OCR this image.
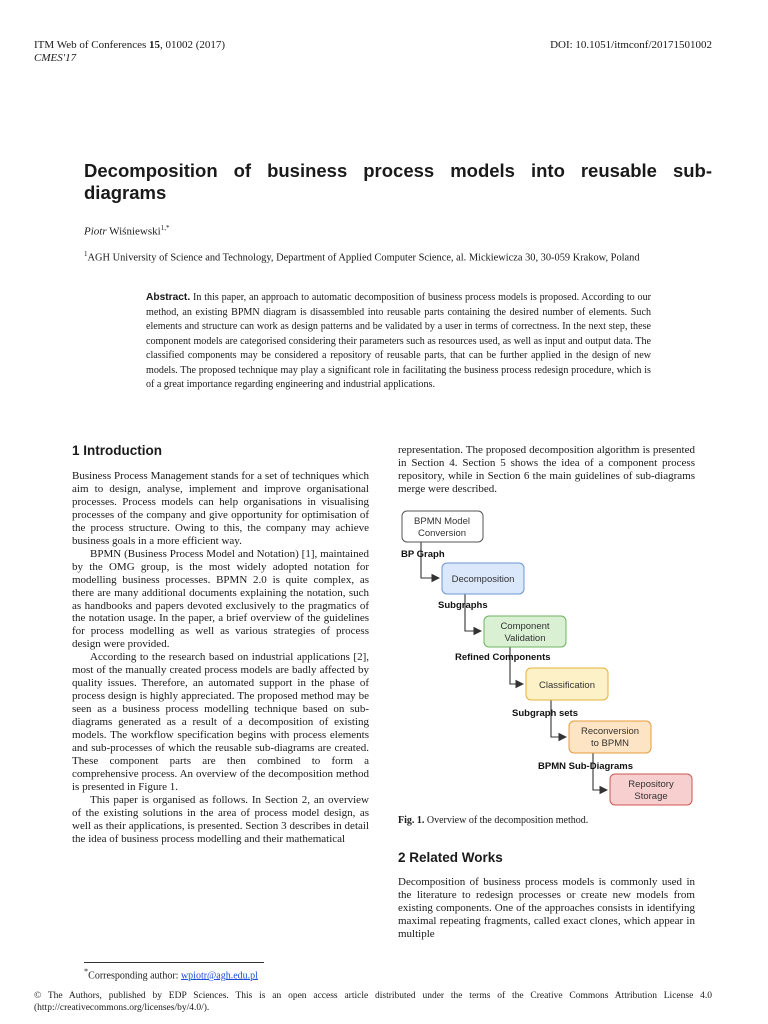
ITM Web of Conferences 15, 01002 (2017)
CMES'17
DOI: 10.1051/itmconf/20171501002
Decomposition of business process models into reusable sub-diagrams
Piotr Wiśniewski$^{1,*}$
$^1$AGH University of Science and Technology, Department of Applied Computer Science, al. Mickiewicza 30, 30-059 Krakow, Poland

Abstract. In this paper, an approach to automatic decomposition of business process models is proposed. According to our method, an existing BPMN diagram is disassembled into reusable parts containing the desired number of elements. Such elements and structure can work as design patterns and be validated by a user in terms of correctness. In the next step, these component models are categorised considering their parameters such as resources used, as well as input and output data. The classified components may be considered a repository of reusable parts, that can be further applied in the design of new models. The proposed technique may play a significant role in facilitating the business process redesign procedure, which is of a great importance regarding engineering and industrial applications.

1 Introduction

Business Process Management stands for a set of techniques which aim to design, analyse, implement and improve organisational processes. Process models can help organisations in visualising processes of the company and give opportunity for optimisation of the process structure. Owing to this, the company may achieve business goals in a more efficient way.

BPMN (Business Process Model and Notation) [1], maintained by the OMG group, is the most widely adopted notation for modelling business processes. BPMN 2.0 is quite complex, as there are many additional documents explaining the notation, such as handbooks and papers devoted exclusively to the pragmatics of the notation usage. In the paper, a brief overview of the guidelines for process modelling as well as various strategies of process design were provided.

According to the research based on industrial applications [2], most of the manually created process models are badly affected by quality issues. Therefore, an automated support in the phase of process design is highly appreciated. The proposed method may be seen as a business process modelling technique based on sub-diagrams generated as a result of a decomposition of existing models. The workflow specification begins with process elements and sub-processes of which the reusable sub-diagrams are created. These component parts are then combined to form a comprehensive process. An overview of the decomposition method is presented in Figure 1.

This paper is organised as follows. In Section 2, an overview of the existing solutions in the area of process model design, as well as their applications, is presented. Section 3 describes in detail the idea of business process modelling and their mathematical

representation. The proposed decomposition algorithm is presented in Section 4. Section 5 shows the idea of a component process repository, while in Section 6 the main guidelines of sub-diagrams merge were described.

BPMN Model
Conversion
Decomposition
Component
Validation
Classification
Reconversion
to BPMN
Repository
Storage
BP Graph
Subgraphs
Refined Components
Subgraph sets
BPMN Sub-Diagrams
Fig. 1. Overview of the decomposition method.
2 Related Works

Decomposition of business process models is commonly used in the literature to redesign processes or create new models from existing components. One of the approaches consists in identifying maximal repeating fragments, called exact clones, which appear in multiple

*Corresponding author: wpiotr@agh.edu.pl

© The Authors, published by EDP Sciences. This is an open access article distributed under the terms of the Creative Commons Attribution License 4.0 (http://creativecommons.org/licenses/by/4.0/).
